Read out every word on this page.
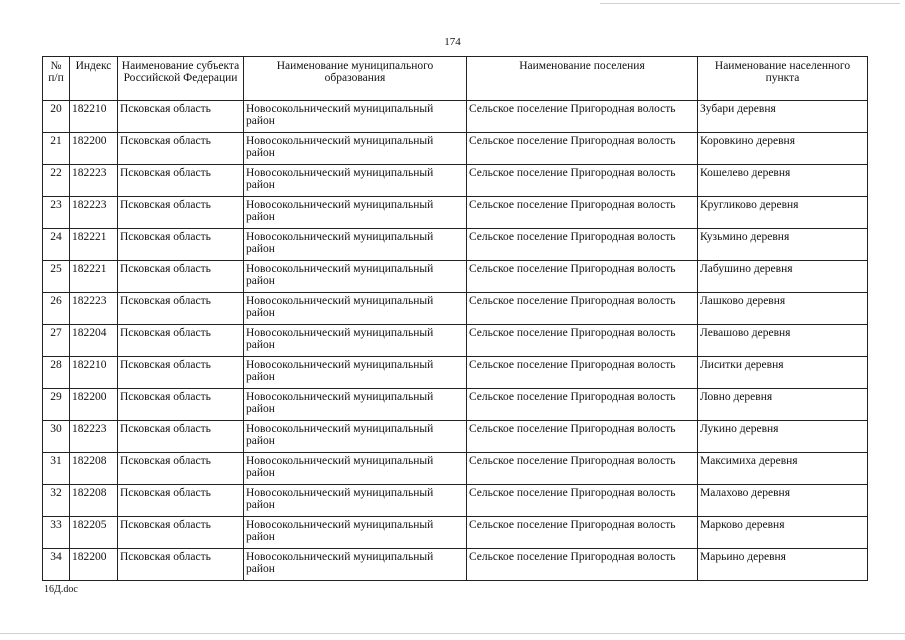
174
№ п/п	Индекс	Наименование субъекта Российской Федерации	Наименование муниципального образования	Наименование поселения	Наименование населенного пункта
20	182210	Псковская область	Новосокольнический муниципальный район	Сельское поселение Пригородная волость	Зубари деревня
21	182200	Псковская область	Новосокольнический муниципальный район	Сельское поселение Пригородная волость	Коровкино деревня
22	182223	Псковская область	Новосокольнический муниципальный район	Сельское поселение Пригородная волость	Кошелево деревня
23	182223	Псковская область	Новосокольнический муниципальный район	Сельское поселение Пригородная волость	Кругликово деревня
24	182221	Псковская область	Новосокольнический муниципальный район	Сельское поселение Пригородная волость	Кузьмино деревня
25	182221	Псковская область	Новосокольнический муниципальный район	Сельское поселение Пригородная волость	Лабушино деревня
26	182223	Псковская область	Новосокольнический муниципальный район	Сельское поселение Пригородная волость	Лашково деревня
27	182204	Псковская область	Новосокольнический муниципальный район	Сельское поселение Пригородная волость	Левашово деревня
28	182210	Псковская область	Новосокольнический муниципальный район	Сельское поселение Пригородная волость	Лиситки деревня
29	182200	Псковская область	Новосокольнический муниципальный район	Сельское поселение Пригородная волость	Ловно деревня
30	182223	Псковская область	Новосокольнический муниципальный район	Сельское поселение Пригородная волость	Лукино деревня
31	182208	Псковская область	Новосокольнический муниципальный район	Сельское поселение Пригородная волость	Максимиха деревня
32	182208	Псковская область	Новосокольнический муниципальный район	Сельское поселение Пригородная волость	Малахово деревня
33	182205	Псковская область	Новосокольнический муниципальный район	Сельское поселение Пригородная волость	Марково деревня
34	182200	Псковская область	Новосокольнический муниципальный район	Сельское поселение Пригородная волость	Марьино деревня
16Д.doc
